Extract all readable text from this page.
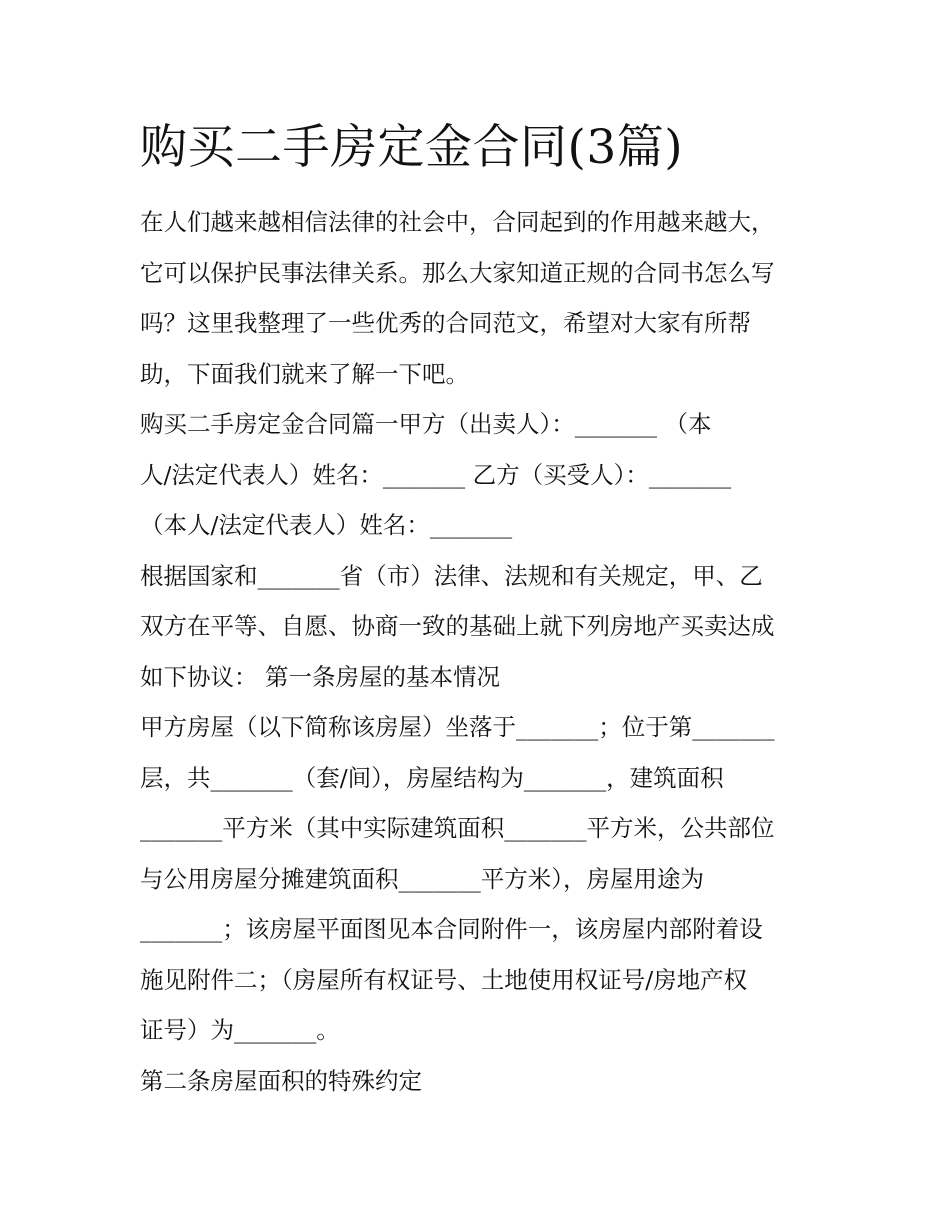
购买二手房定金合同(3篇)
在人们越来越相信法律的社会中，合同起到的作用越来越大，
它可以保护民事法律关系。那么大家知道正规的合同书怎么写
吗？这里我整理了一些优秀的合同范文，希望对大家有所帮
助，下面我们就来了解一下吧。
购买二手房定金合同篇一甲方（出卖人）：_______ （本
人/法定代表人）姓名：_______ 乙方（买受人）：_______
（本人/法定代表人）姓名：_______
根据国家和_______省（市）法律、法规和有关规定，甲、乙
双方在平等、自愿、协商一致的基础上就下列房地产买卖达成
如下协议： 第一条房屋的基本情况
甲方房屋（以下简称该房屋）坐落于_______；位于第_______
层，共_______（套/间），房屋结构为_______，建筑面积
_______平方米（其中实际建筑面积_______平方米，公共部位
与公用房屋分摊建筑面积_______平方米），房屋用途为
_______；该房屋平面图见本合同附件一，该房屋内部附着设
施见附件二；（房屋所有权证号、土地使用权证号/房地产权
证号）为_______。
第二条房屋面积的特殊约定
